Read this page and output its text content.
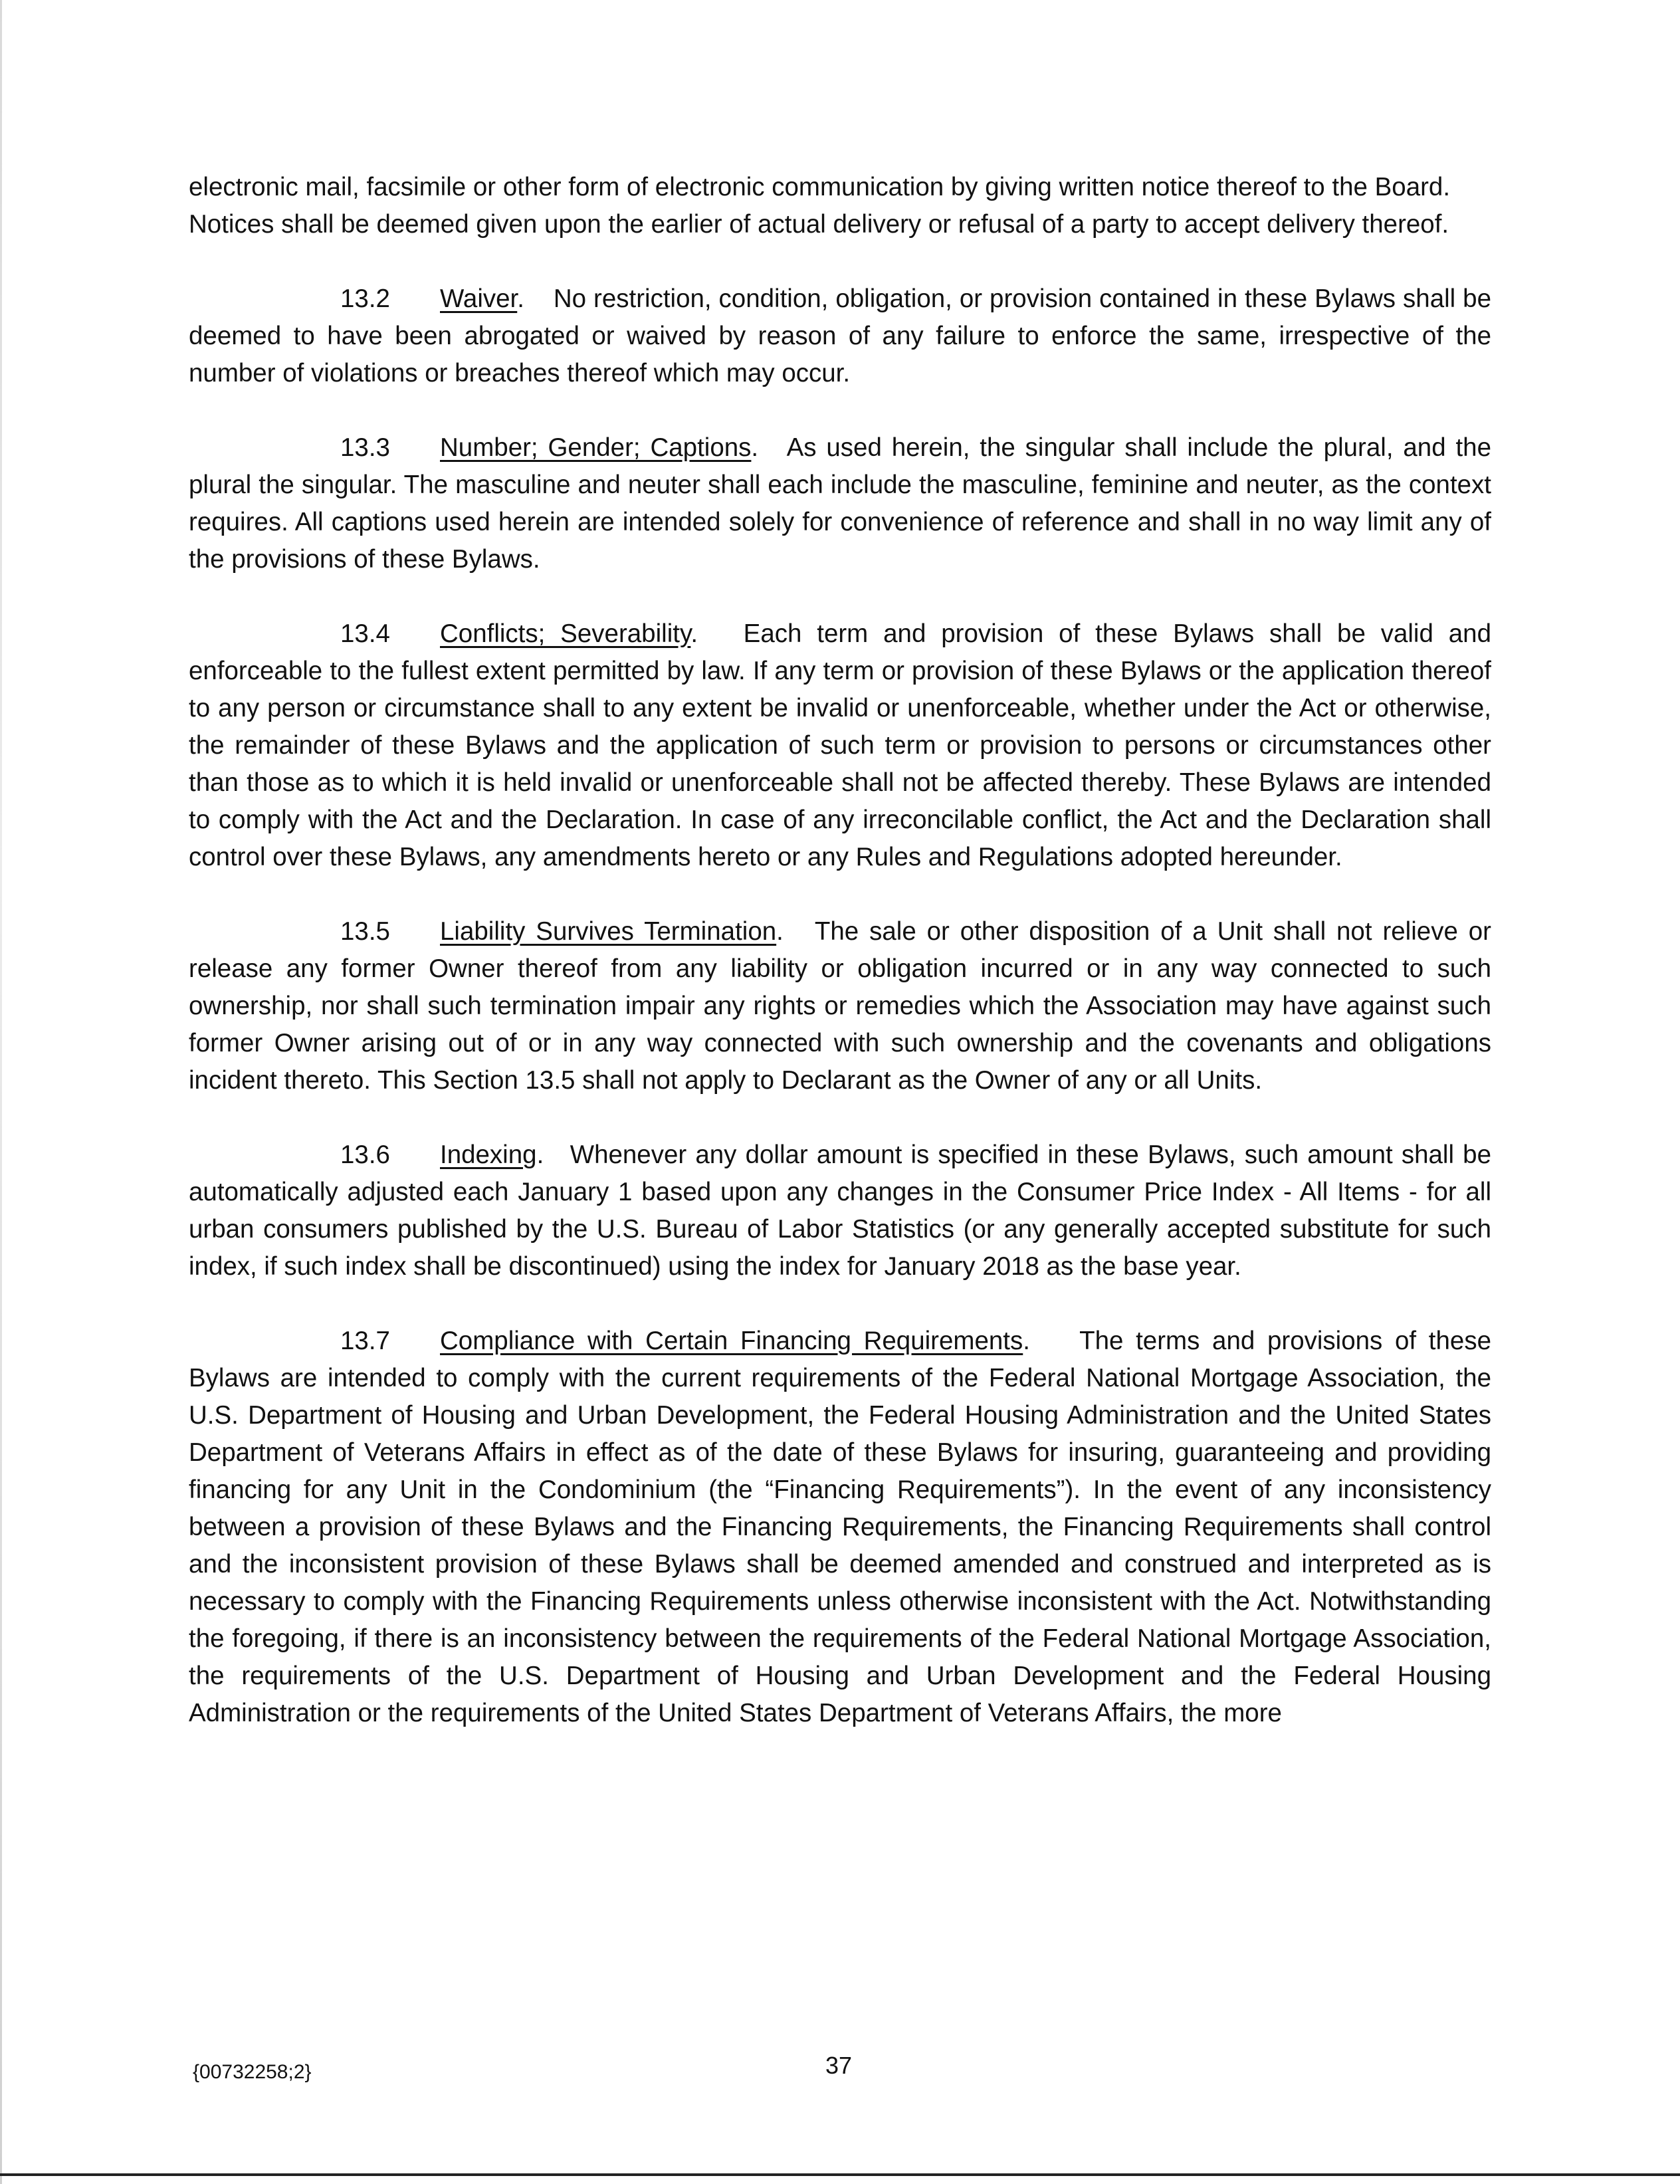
electronic mail, facsimile or other form of electronic communication by giving written notice thereof to the Board. Notices shall be deemed given upon the earlier of actual delivery or refusal of a party to accept delivery thereof.

13.2 Waiver.    No restriction, condition, obligation, or provision contained in these Bylaws shall be deemed to have been abrogated or waived by reason of any failure to enforce the same, irrespective of the number of violations or breaches thereof which may occur.

13.3 Number; Gender; Captions.   As used herein, the singular shall include the plural, and the plural the singular. The masculine and neuter shall each include the masculine, feminine and neuter, as the context requires. All captions used herein are intended solely for convenience of reference and shall in no way limit any of the provisions of these Bylaws.

13.4 Conflicts; Severability.   Each term and provision of these Bylaws shall be valid and enforceable to the fullest extent permitted by law. If any term or provision of these Bylaws or the application thereof to any person or circumstance shall to any extent be invalid or unenforceable, whether under the Act or otherwise, the remainder of these Bylaws and the application of such term or provision to persons or circumstances other than those as to which it is held invalid or unenforceable shall not be affected thereby. These Bylaws are intended to comply with the Act and the Declaration. In case of any irreconcilable conflict, the Act and the Declaration shall control over these Bylaws, any amendments hereto or any Rules and Regulations adopted hereunder.

13.5 Liability Survives Termination.   The sale or other disposition of a Unit shall not relieve or release any former Owner thereof from any liability or obligation incurred or in any way connected to such ownership, nor shall such termination impair any rights or remedies which the Association may have against such former Owner arising out of or in any way connected with such ownership and the covenants and obligations incident thereto. This Section 13.5 shall not apply to Declarant as the Owner of any or all Units.

13.6 Indexing.   Whenever any dollar amount is specified in these Bylaws, such amount shall be automatically adjusted each January 1 based upon any changes in the Consumer Price Index - All Items - for all urban consumers published by the U.S. Bureau of Labor Statistics (or any generally accepted substitute for such index, if such index shall be discontinued) using the index for January 2018 as the base year.

13.7 Compliance with Certain Financing Requirements.    The terms and provisions of these Bylaws are intended to comply with the current requirements of the Federal National Mortgage Association, the U.S. Department of Housing and Urban Development, the Federal Housing Administration and the United States Department of Veterans Affairs in effect as of the date of these Bylaws for insuring, guaranteeing and providing financing for any Unit in the Condominium (the “Financing Requirements”). In the event of any inconsistency between a provision of these Bylaws and the Financing Requirements, the Financing Requirements shall control and the inconsistent provision of these Bylaws shall be deemed amended and construed and interpreted as is necessary to comply with the Financing Requirements unless otherwise inconsistent with the Act. Notwithstanding the foregoing, if there is an inconsistency between the requirements of the Federal National Mortgage Association, the requirements of the U.S. Department of Housing and Urban Development and the Federal Housing Administration or the requirements of the United States Department of Veterans Affairs, the more

{00732258;2}	37
